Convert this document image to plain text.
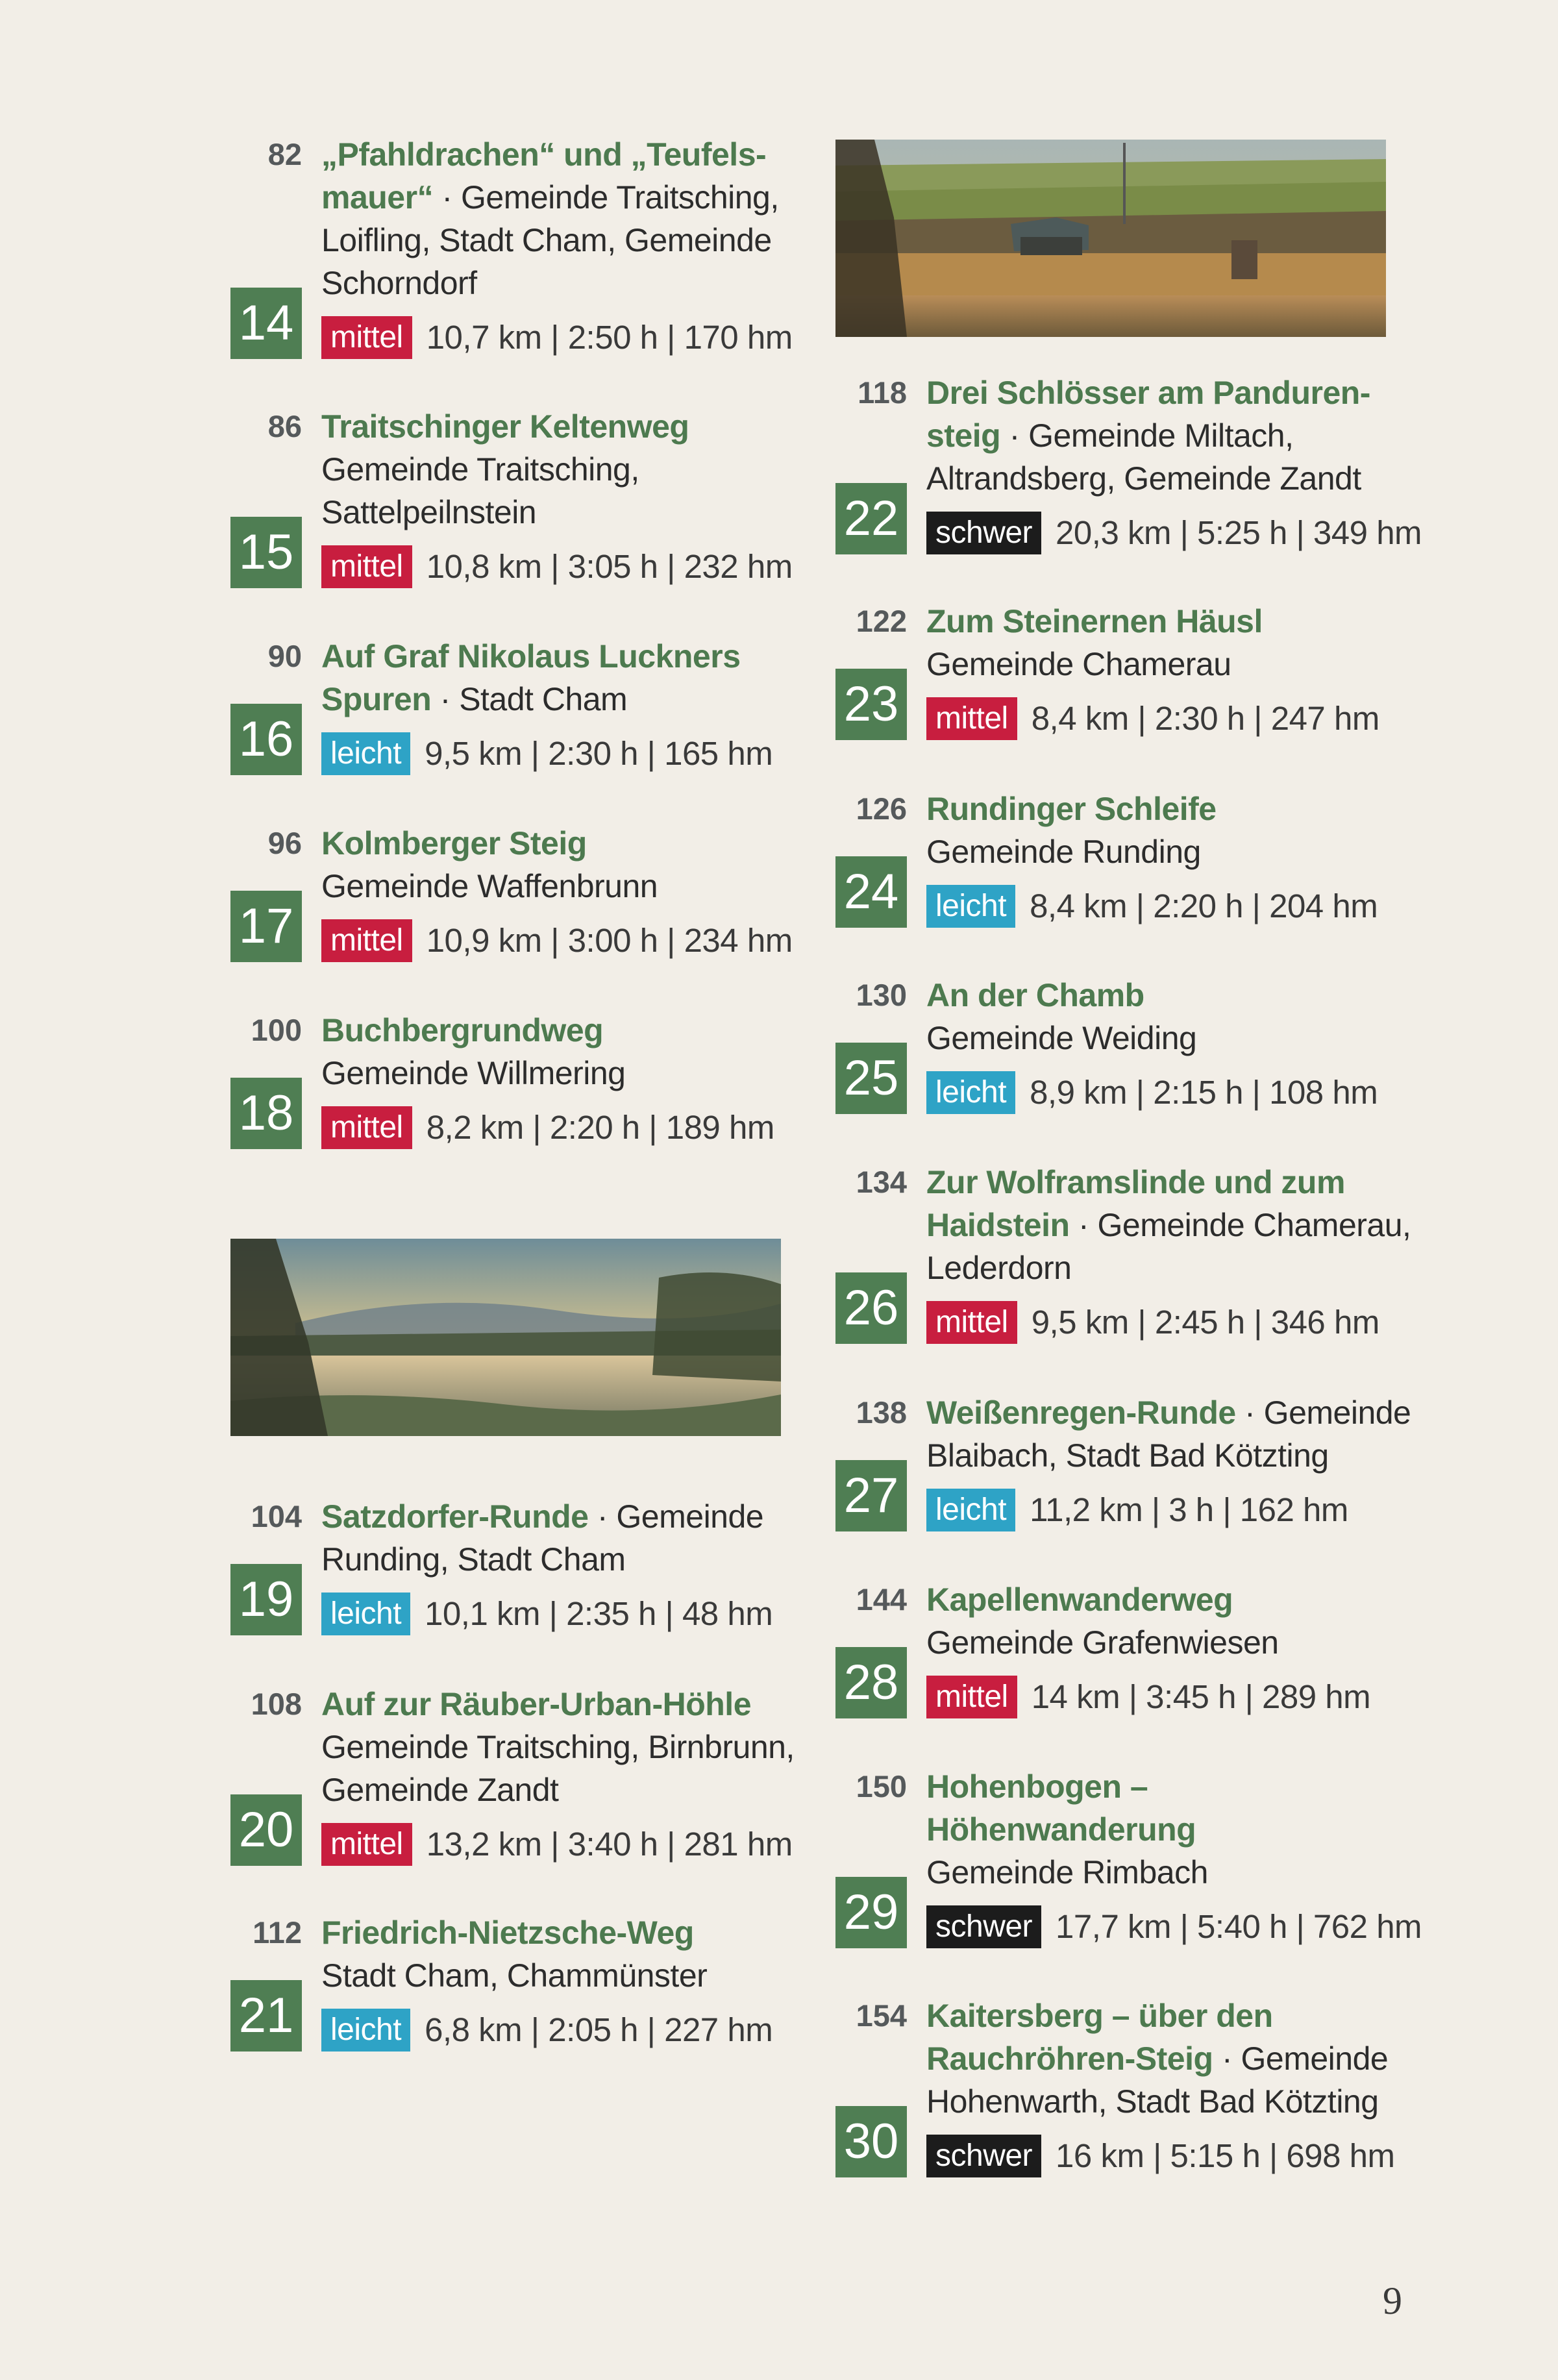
82 „Pfahldrachen“ und „Teufels-
mauer“ · Gemeinde Traitsching,
Loifling, Stadt Cham, Gemeinde
Schorndorf
mittel 10,7 km | 2:50 h | 170 hm
14
86 Traitschinger Keltenweg
Gemeinde Traitsching,
Sattelpeilnstein
mittel 10,8 km | 3:05 h | 232 hm
15
90 Auf Graf Nikolaus Luckners
Spuren · Stadt Cham
leicht 9,5 km | 2:30 h | 165 hm
16
96 Kolmberger Steig
Gemeinde Waffenbrunn
mittel 10,9 km | 3:00 h | 234 hm
17
100 Buchbergrundweg
Gemeinde Willmering
mittel 8,2 km | 2:20 h | 189 hm
18
104 Satzdorfer-Runde · Gemeinde
Runding, Stadt Cham
leicht 10,1 km | 2:35 h | 48 hm
19
108 Auf zur Räuber-Urban-Höhle
Gemeinde Traitsching, Birnbrunn,
Gemeinde Zandt
mittel 13,2 km | 3:40 h | 281 hm
20
112 Friedrich-Nietzsche-Weg
Stadt Cham, Chammünster
leicht 6,8 km | 2:05 h | 227 hm
21
118 Drei Schlösser am Panduren-
steig · Gemeinde Miltach,
Altrandsberg, Gemeinde Zandt
schwer 20,3 km | 5:25 h | 349 hm
22
122 Zum Steinernen Häusl
Gemeinde Chamerau
mittel 8,4 km | 2:30 h | 247 hm
23
126 Rundinger Schleife
Gemeinde Runding
leicht 8,4 km | 2:20 h | 204 hm
24
130 An der Chamb
Gemeinde Weiding
leicht 8,9 km | 2:15 h | 108 hm
25
134 Zur Wolframslinde und zum
Haidstein · Gemeinde Chamerau,
Lederdorn
mittel 9,5 km | 2:45 h | 346 hm
26
138 Weißenregen-Runde · Gemeinde
Blaibach, Stadt Bad Kötzting
leicht 11,2 km | 3 h | 162 hm
27
144 Kapellenwanderweg
Gemeinde Grafenwiesen
mittel 14 km | 3:45 h | 289 hm
28
150 Hohenbogen –
Höhenwanderung
Gemeinde Rimbach
schwer 17,7 km | 5:40 h | 762 hm
29
154 Kaitersberg – über den
Rauchröhren-Steig · Gemeinde
Hohenwarth, Stadt Bad Kötzting
schwer 16 km | 5:15 h | 698 hm
30
9
